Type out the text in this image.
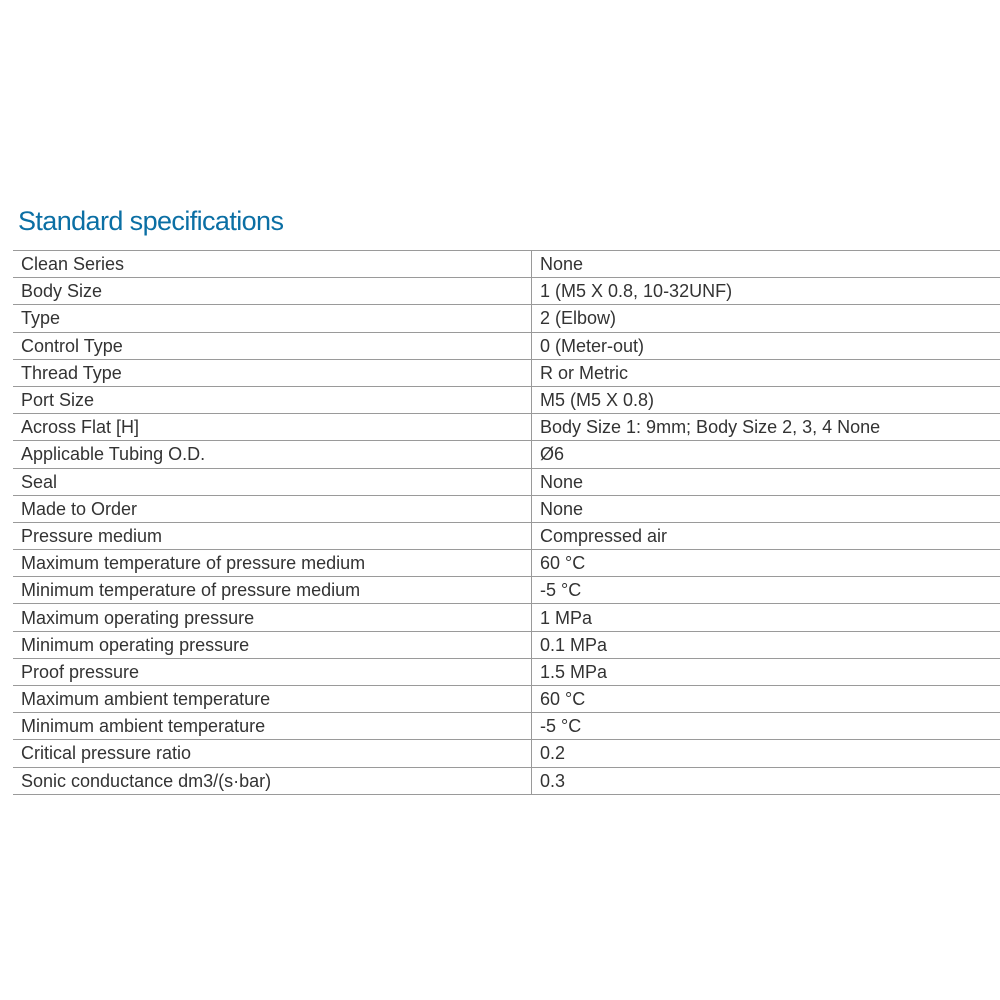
Standard specifications
Clean Series	None
Body Size	1 (M5 X 0.8, 10-32UNF)
Type	2 (Elbow)
Control Type	0 (Meter-out)
Thread Type	R or Metric
Port Size	M5 (M5 X 0.8)
Across Flat [H]	Body Size 1: 9mm; Body Size 2, 3, 4 None
Applicable Tubing O.D.	Ø6
Seal	None
Made to Order	None
Pressure medium	Compressed air
Maximum temperature of pressure medium	60 °C
Minimum temperature of pressure medium	-5 °C
Maximum operating pressure	1 MPa
Minimum operating pressure	0.1 MPa
Proof pressure	1.5 MPa
Maximum ambient temperature	60 °C
Minimum ambient temperature	-5 °C
Critical pressure ratio	0.2
Sonic conductance dm3/(s·bar)	0.3
